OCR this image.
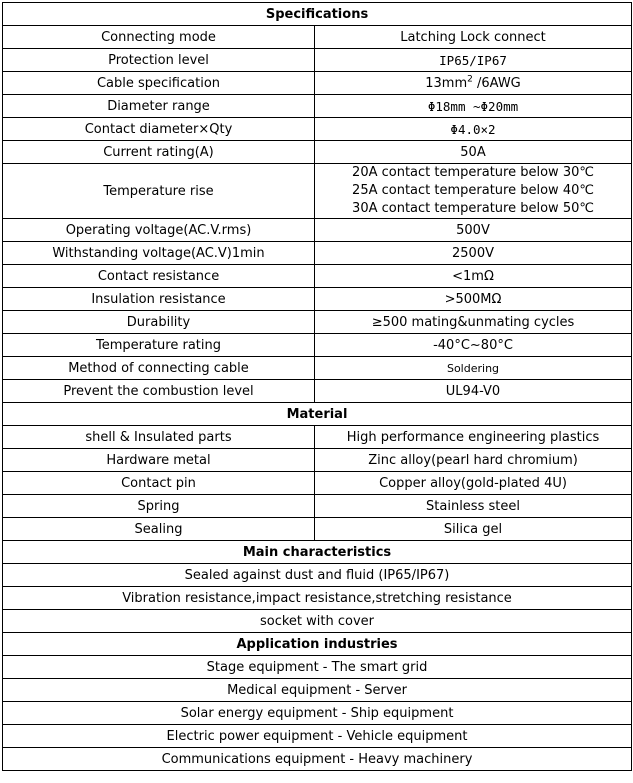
Specifications	
Connecting mode	Latching Lock connect
Protection level	IP65/IP67
Cable specification	$13mm^2$ /6AWG
Diameter range	Φ18mm ~Φ20mm
Contact diameter×Qty	Φ4.0×2
Current rating(A)	50A
Temperature rise	20A contact temperature below 30℃
25A contact temperature below 40℃
30A contact temperature below 50℃

Operating voltage(AC.V.rms)	500V
Withstanding voltage(AC.V)1min	2500V
Contact resistance	<1mΩ
Insulation resistance	>500MΩ
Durability	≥500 mating&unmating cycles
Temperature rating	-40°C~80°C
Method of connecting cable	Soldering
Prevent the combustion level	UL94-V0
Material	
shell & Insulated parts	High performance engineering plastics
Hardware metal	Zinc alloy(pearl hard chromium)
Contact pin	Copper alloy(gold-plated 4U)
Spring	Stainless steel
Sealing	Silica gel
Main characteristics	
Sealed against dust and fluid (IP65/IP67)	
Vibration resistance,impact resistance,stretching resistance	
socket with cover	
Application industries	
Stage equipment - The smart grid	
Medical equipment - Server	
Solar energy equipment - Ship equipment	
Electric power equipment - Vehicle equipment	
Communications equipment - Heavy machinery	
